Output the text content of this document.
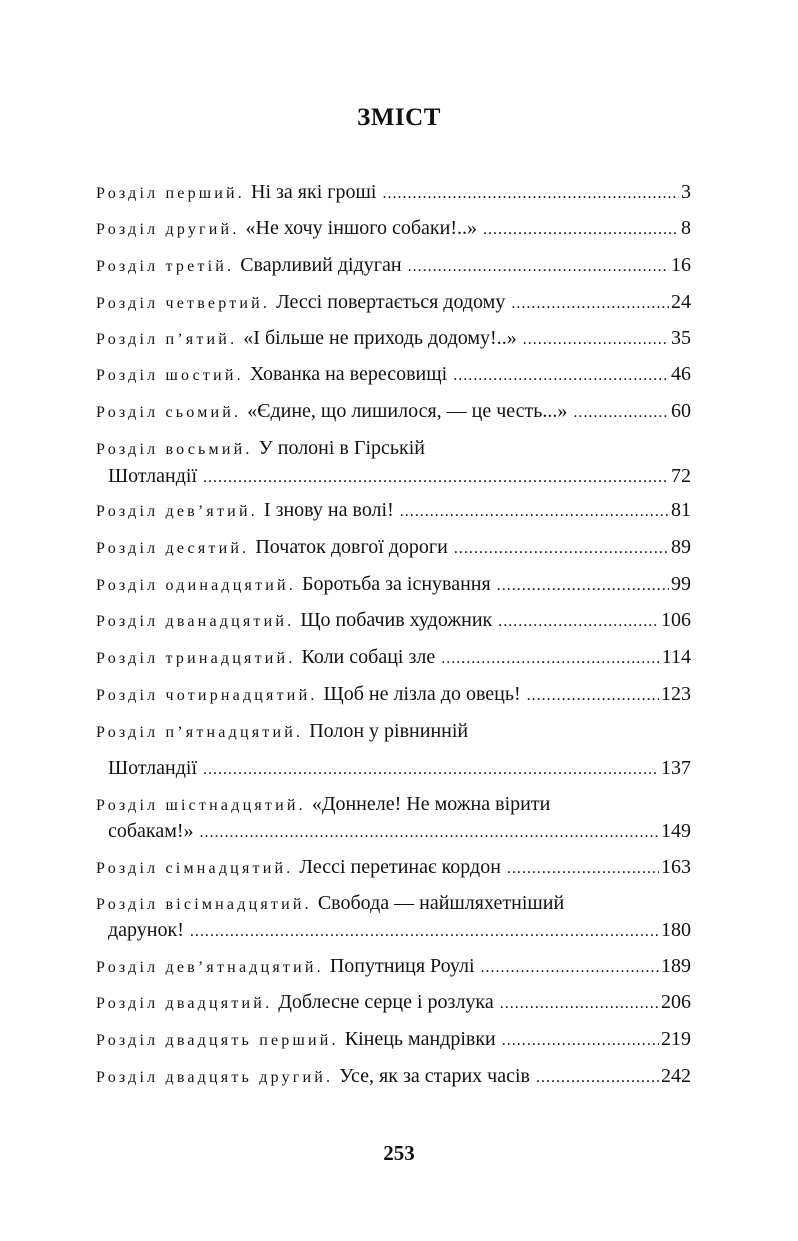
ЗМІСТ
Розділ перший. Ні за які гроші .....	3
Розділ другий. «Не хочу іншого собаки!..» .....	8
Розділ третій. Сварливий дідуган .....	16
Розділ четвертий. Лессі повертається додому .....	24
Розділ п’ятий. «І більше не приходь додому!..» .....	35
Розділ шостий. Хованка на вересовищі .....	46
Розділ сьомий. «Єдине, що лишилося, — це честь...» .....	60
Розділ восьмий. У полоні в Гірській
Шотландії .....	72
Розділ дев’ятий. І знову на волі! .....	81
Розділ десятий. Початок довгої дороги .....	89
Розділ одинадцятий. Боротьба за існування .....	99
Розділ дванадцятий. Що побачив художник .....	106
Розділ тринадцятий. Коли собаці зле .....	114
Розділ чотирнадцятий. Щоб не лізла до овець! .....	123
Розділ п’ятнадцятий. Полон у рівнинній
Шотландії .....	137
Розділ шістнадцятий. «Доннеле! Не можна вірити
собакам!» .....	149
Розділ сімнадцятий. Лессі перетинає кордон .....	163
Розділ вісімнадцятий. Свобода — найшляхетніший
дарунок! .....	180
Розділ дев’ятнадцятий. Попутниця Роулі .....	189
Розділ двадцятий. Доблесне серце і розлука .....	206
Розділ двадцять перший. Кінець мандрівки .....	219
Розділ двадцять другий. Усе, як за старих часів .....	242
253
